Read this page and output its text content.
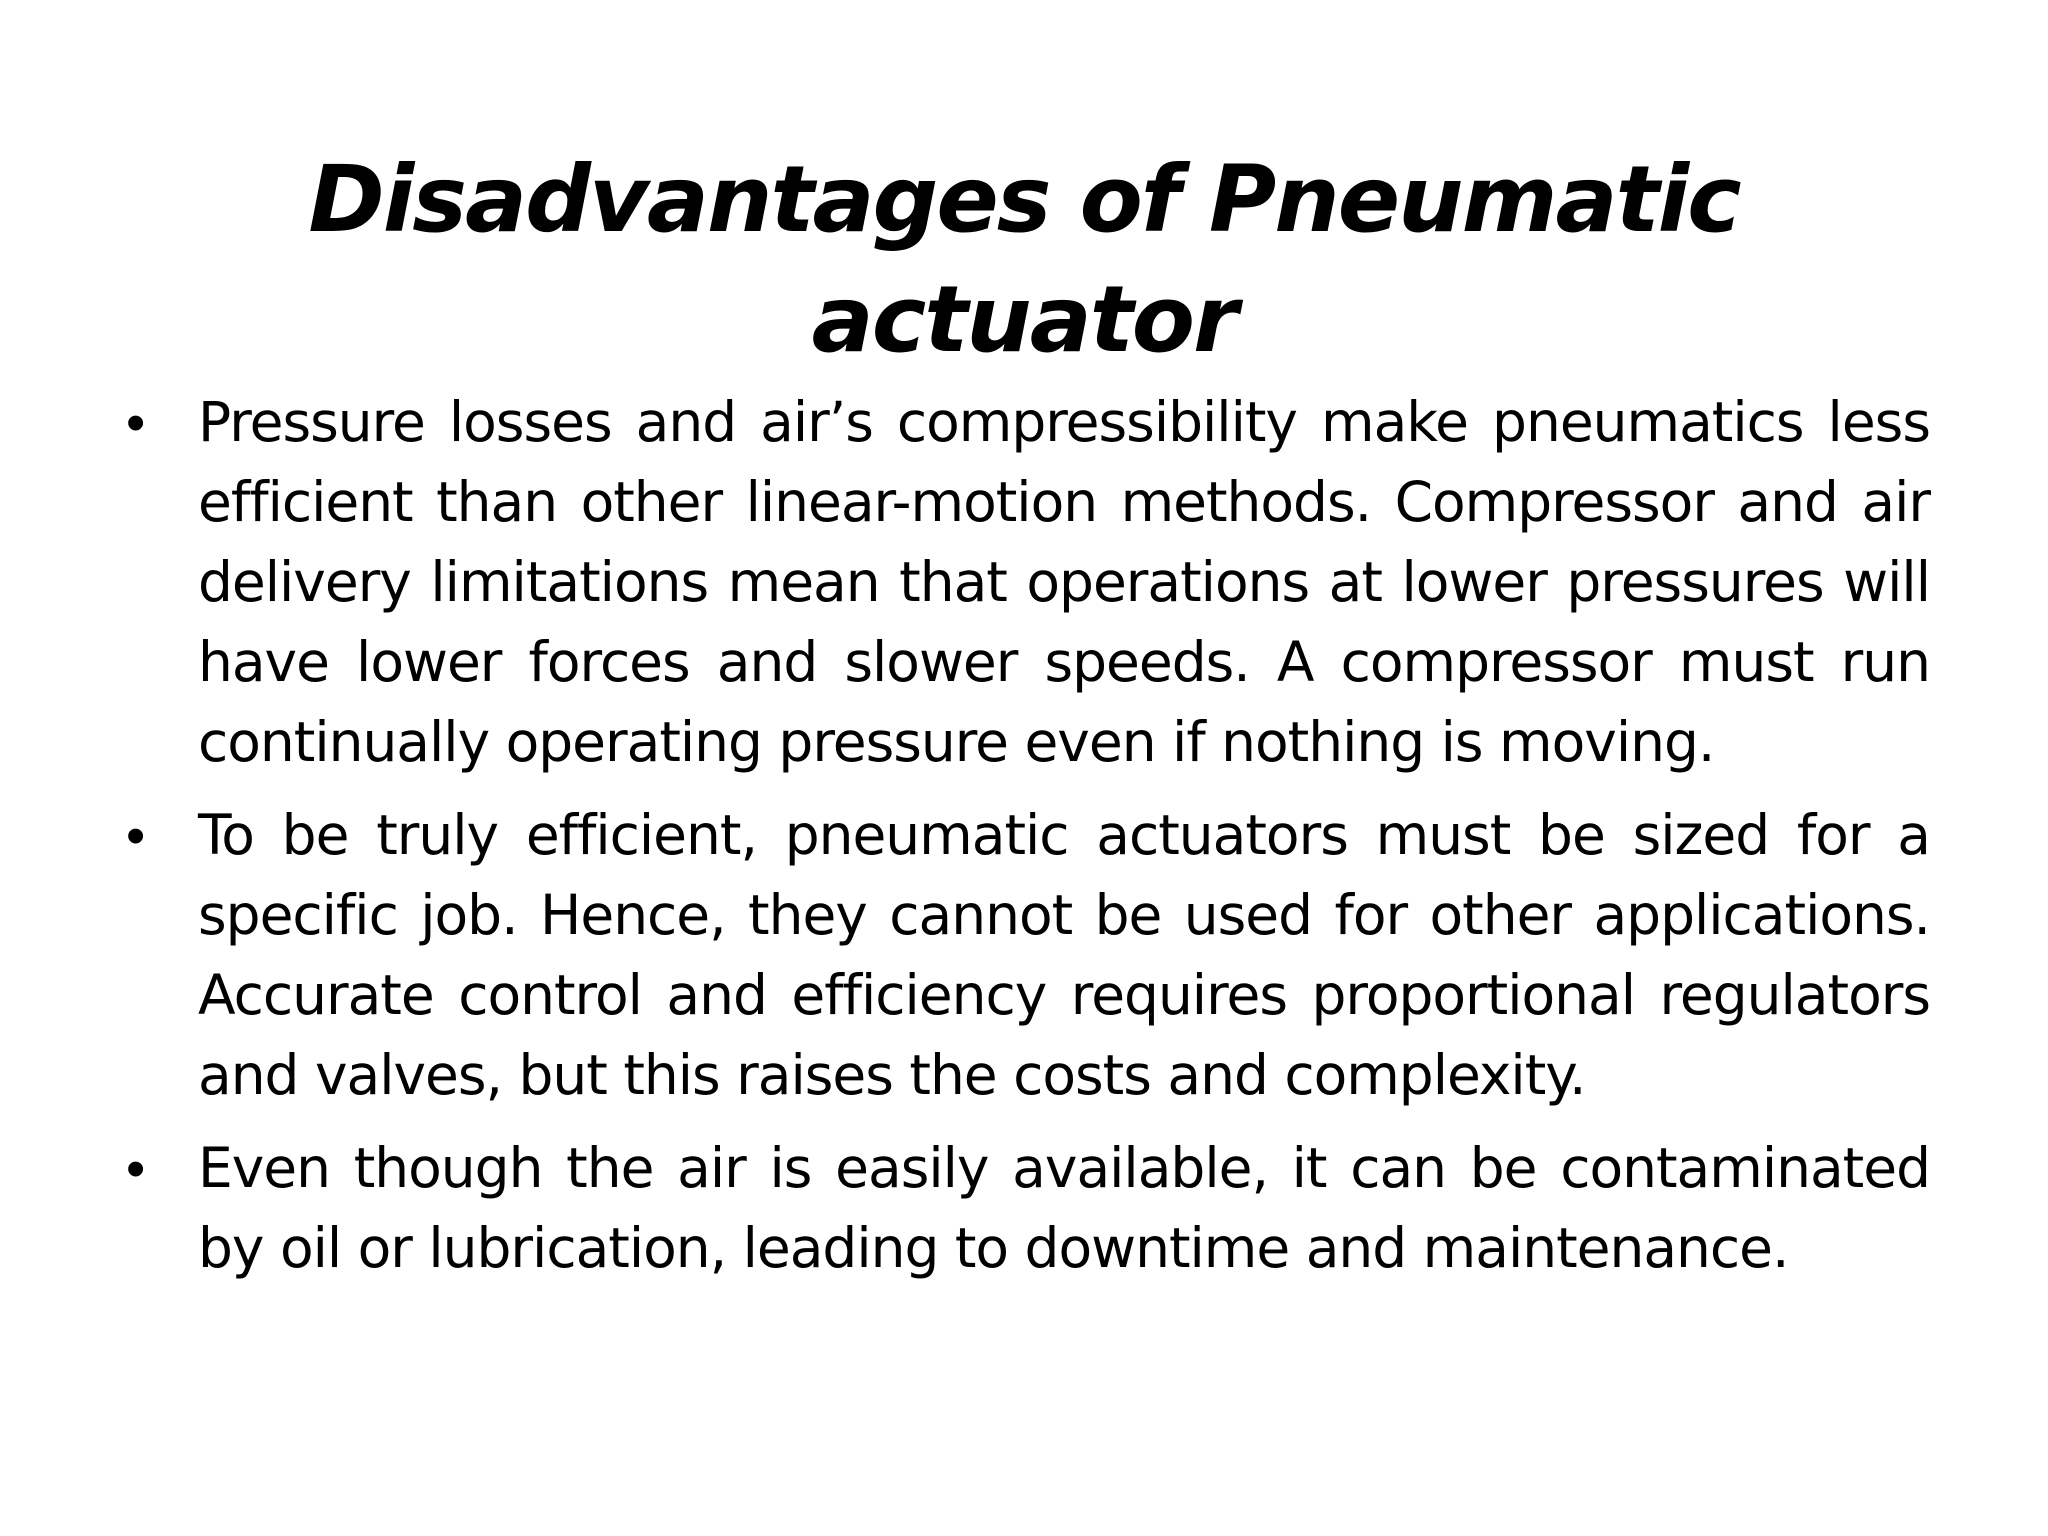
Disadvantages of Pneumatic actuator
• Pressure losses and air’s compressibility make pneumatics less efficient than other linear-motion methods. Compressor and air delivery limitations mean that operations at lower pressures will have lower forces and slower speeds. A compressor must run continually operating pressure even if nothing is moving.
• To be truly efficient, pneumatic actuators must be sized for a specific job. Hence, they cannot be used for other applications. Accurate control and efficiency requires proportional regulators and valves, but this raises the costs and complexity.
• Even though the air is easily available, it can be contaminated by oil or lubrication, leading to downtime and maintenance.
